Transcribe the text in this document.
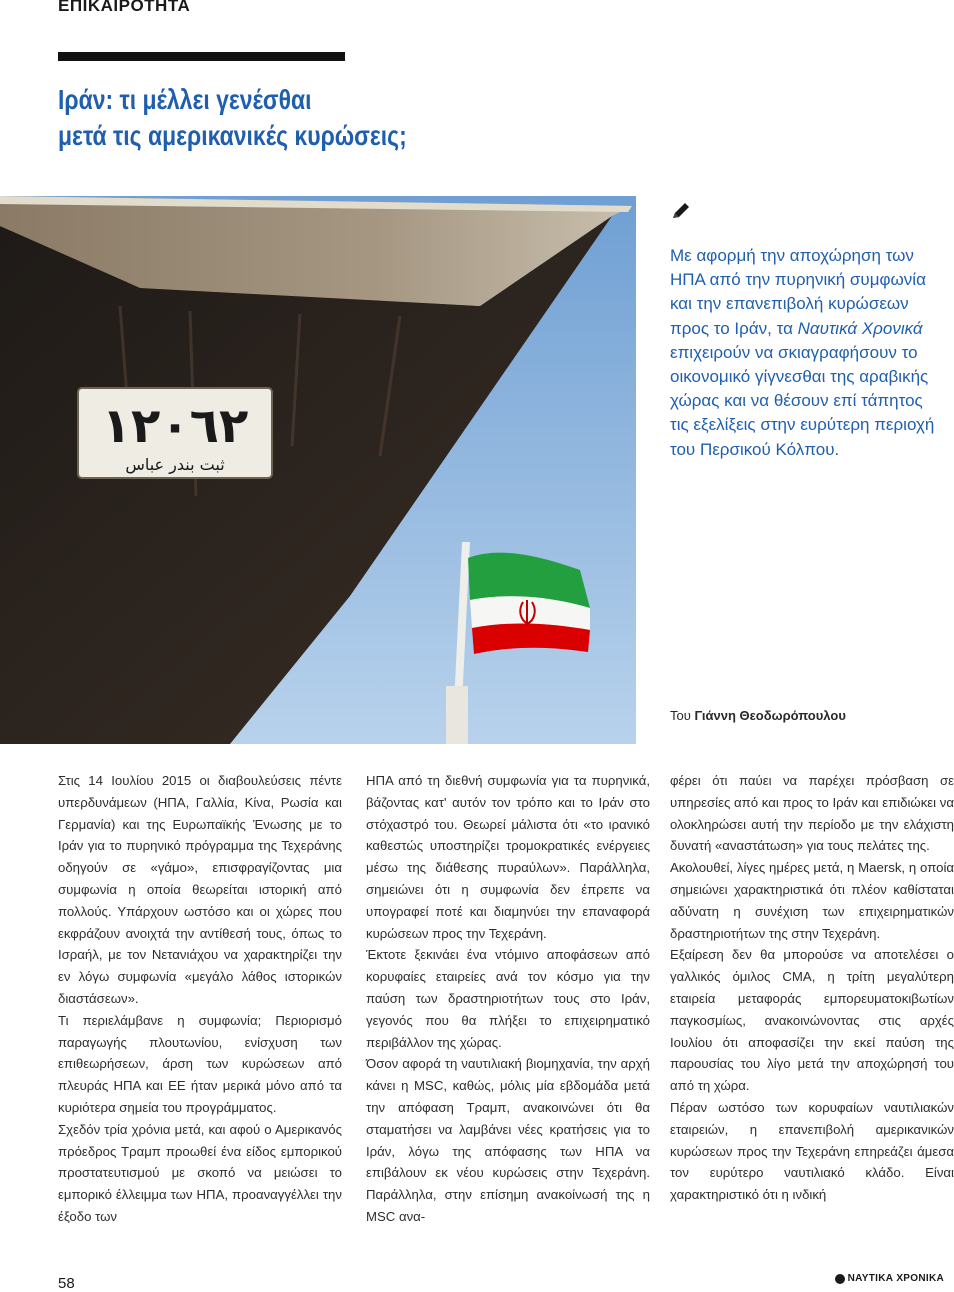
ΕΠΙΚΑΙΡΟΤΗΤΑ
Ιράν: τι μέλλει γενέσθαι
μετά τις αμερικανικές κυρώσεις;
١٢٠٦٢
ثبت بندر عباس
Με αφορμή την αποχώρηση των ΗΠΑ από την πυρηνική συμφωνία και την επανεπιβολή κυρώσεων προς το Ιράν, τα Ναυτικά Χρονικά επιχειρούν να σκιαγραφήσουν το οικονομικό γίγνεσθαι της αραβικής χώρας και να θέσουν επί τάπητος τις εξελίξεις στην ευρύτερη περιοχή του Περσικού Κόλπου.
Του Γιάννη Θεοδωρόπουλου

Στις 14 Ιουλίου 2015 οι διαβουλεύσεις πέντε υπερδυνάμεων (ΗΠΑ, Γαλλία, Κίνα, Ρωσία και Γερμανία) και της Ευρωπαϊκής Ένωσης με το Ιράν για το πυρηνικό πρόγραμμα της Τεχεράνης οδηγούν σε «γάμο», επισφραγίζοντας μια συμφωνία η οποία θεωρείται ιστορική από πολλούς. Υπάρχουν ωστόσο και οι χώρες που εκφράζουν ανοιχτά την αντίθεσή τους, όπως το Ισραήλ, με τον Νετανιάχου να χαρακτηρίζει την εν λόγω συμφωνία «μεγάλο λάθος ιστορικών διαστάσεων».

Τι περιελάμβανε η συμφωνία; Περιορισμό παραγωγής πλουτωνίου, ενίσχυση των επιθεωρήσεων, άρση των κυρώσεων από πλευράς ΗΠΑ και ΕΕ ήταν μερικά μόνο από τα κυριότερα σημεία του προγράμματος.

Σχεδόν τρία χρόνια μετά, και αφού ο Αμερικανός πρόεδρος Τραμπ προωθεί ένα είδος εμπορικού προστατευτισμού με σκοπό να μειώσει το εμπορικό έλλειμμα των ΗΠΑ, προαναγγέλλει την έξοδο των

ΗΠΑ από τη διεθνή συμφωνία για τα πυρηνικά, βάζοντας κατ' αυτόν τον τρόπο και το Ιράν στο στόχαστρό του. Θεωρεί μάλιστα ότι «το ιρανικό καθεστώς υποστηρίζει τρομοκρατικές ενέργειες μέσω της διάθεσης πυραύλων». Παράλληλα, σημειώνει ότι η συμφωνία δεν έπρεπε να υπογραφεί ποτέ και διαμηνύει την επαναφορά κυρώσεων προς την Τεχεράνη.

Έκτοτε ξεκινάει ένα ντόμινο αποφάσεων από κορυφαίες εταιρείες ανά τον κόσμο για την παύση των δραστηριοτήτων τους στο Ιράν, γεγονός που θα πλήξει το επιχειρηματικό περιβάλλον της χώρας.

Όσον αφορά τη ναυτιλιακή βιομηχανία, την αρχή κάνει η MSC, καθώς, μόλις μία εβδομάδα μετά την απόφαση Τραμπ, ανακοινώνει ότι θα σταματήσει να λαμβάνει νέες κρατήσεις για το Ιράν, λόγω της απόφασης των ΗΠΑ να επιβάλουν εκ νέου κυρώσεις στην Τεχεράνη. Παράλληλα, στην επίσημη ανακοίνωσή της η MSC ανα-

φέρει ότι παύει να παρέχει πρόσβαση σε υπηρεσίες από και προς το Ιράν και επιδιώκει να ολοκληρώσει αυτή την περίοδο με την ελάχιστη δυνατή «αναστάτωση» για τους πελάτες της.

Ακολουθεί, λίγες ημέρες μετά, η Maersk, η οποία σημειώνει χαρακτηριστικά ότι πλέον καθίσταται αδύνατη η συνέχιση των επιχειρηματικών δραστηριοτήτων της στην Τεχεράνη.

Εξαίρεση δεν θα μπορούσε να αποτελέσει ο γαλλικός όμιλος CMA, η τρίτη μεγαλύτερη εταιρεία μεταφοράς εμπορευματοκιβωτίων παγκοσμίως, ανακοινώνοντας στις αρχές Ιουλίου ότι αποφασίζει την εκεί παύση της παρουσίας του λίγο μετά την αποχώρησή του από τη χώρα.

Πέραν ωστόσο των κορυφαίων ναυτιλιακών εταιρειών, η επανεπιβολή αμερικανικών κυρώσεων προς την Τεχεράνη επηρεάζει άμεσα τον ευρύτερο ναυτιλιακό κλάδο. Είναι χαρακτηριστικό ότι η ινδική

58	ΝΑΥΤΙΚΑ ΧΡΟΝΙΚΑ
